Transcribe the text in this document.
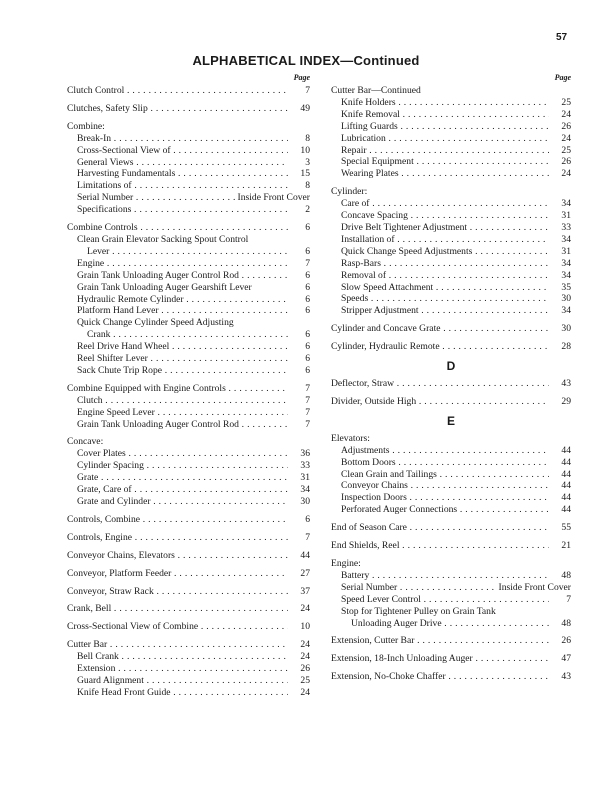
57
ALPHABETICAL INDEX—Continued
Page
Clutch Control . . .	7
Clutches, Safety Slip . . .	49
Combine:
Break-In . . .	8
Cross-Sectional View of . . .	10
General Views . . .	3
Harvesting Fundamentals . . .	15
Limitations of . . .	8
Serial Number . . .	Inside Front Cover
Specifications . . .	2
Combine Controls . . .	6
Clean Grain Elevator Sacking Spout Control
Lever . . .	6
Engine . . .	7
Grain Tank Unloading Auger Control Rod . . .	6
Grain Tank Unloading Auger Gearshift Lever	6
Hydraulic Remote Cylinder . . .	6
Platform Hand Lever . . .	6
Quick Change Cylinder Speed Adjusting
Crank . . .	6
Reel Drive Hand Wheel . . .	6
Reel Shifter Lever . . .	6
Sack Chute Trip Rope . . .	6
Combine Equipped with Engine Controls . . .	7
Clutch . . .	7
Engine Speed Lever . . .	7
Grain Tank Unloading Auger Control Rod . . .	7
Concave:
Cover Plates . . .	36
Cylinder Spacing . . .	33
Grate . . .	31
Grate, Care of . . .	34
Grate and Cylinder . . .	30
Controls, Combine . . .	6
Controls, Engine . . .	7
Conveyor Chains, Elevators . . .	44
Conveyor, Platform Feeder . . .	27
Conveyor, Straw Rack . . .	37
Crank, Bell . . .	24
Cross-Sectional View of Combine . . .	10
Cutter Bar . . .	24
Bell Crank . . .	24
Extension . . .	26
Guard Alignment . . .	25
Knife Head Front Guide . . .	24
Page
Cutter Bar—Continued
Knife Holders . . .	25
Knife Removal . . .	24
Lifting Guards . . .	26
Lubrication . . .	24
Repair . . .	25
Special Equipment . . .	26
Wearing Plates . . .	24
Cylinder:
Care of . . .	34
Concave Spacing . . .	31
Drive Belt Tightener Adjustment . . .	33
Installation of . . .	34
Quick Change Speed Adjustments . . .	31
Rasp-Bars . . .	34
Removal of . . .	34
Slow Speed Attachment . . .	35
Speeds . . .	30
Stripper Adjustment . . .	34
Cylinder and Concave Grate . . .	30
Cylinder, Hydraulic Remote . . .	28
D
Deflector, Straw . . .	43
Divider, Outside High . . .	29
E
Elevators:
Adjustments . . .	44
Bottom Doors . . .	44
Clean Grain and Tailings . . .	44
Conveyor Chains . . .	44
Inspection Doors . . .	44
Perforated Auger Connections . . .	44
End of Season Care . . .	55
End Shields, Reel . . .	21
Engine:
Battery . . .	48
Serial Number . . .	Inside Front Cover
Speed Lever Control . . .	7
Stop for Tightener Pulley on Grain Tank
Unloading Auger Drive . . .	48
Extension, Cutter Bar . . .	26
Extension, 18-Inch Unloading Auger . . .	47
Extension, No-Choke Chaffer . . .	43
